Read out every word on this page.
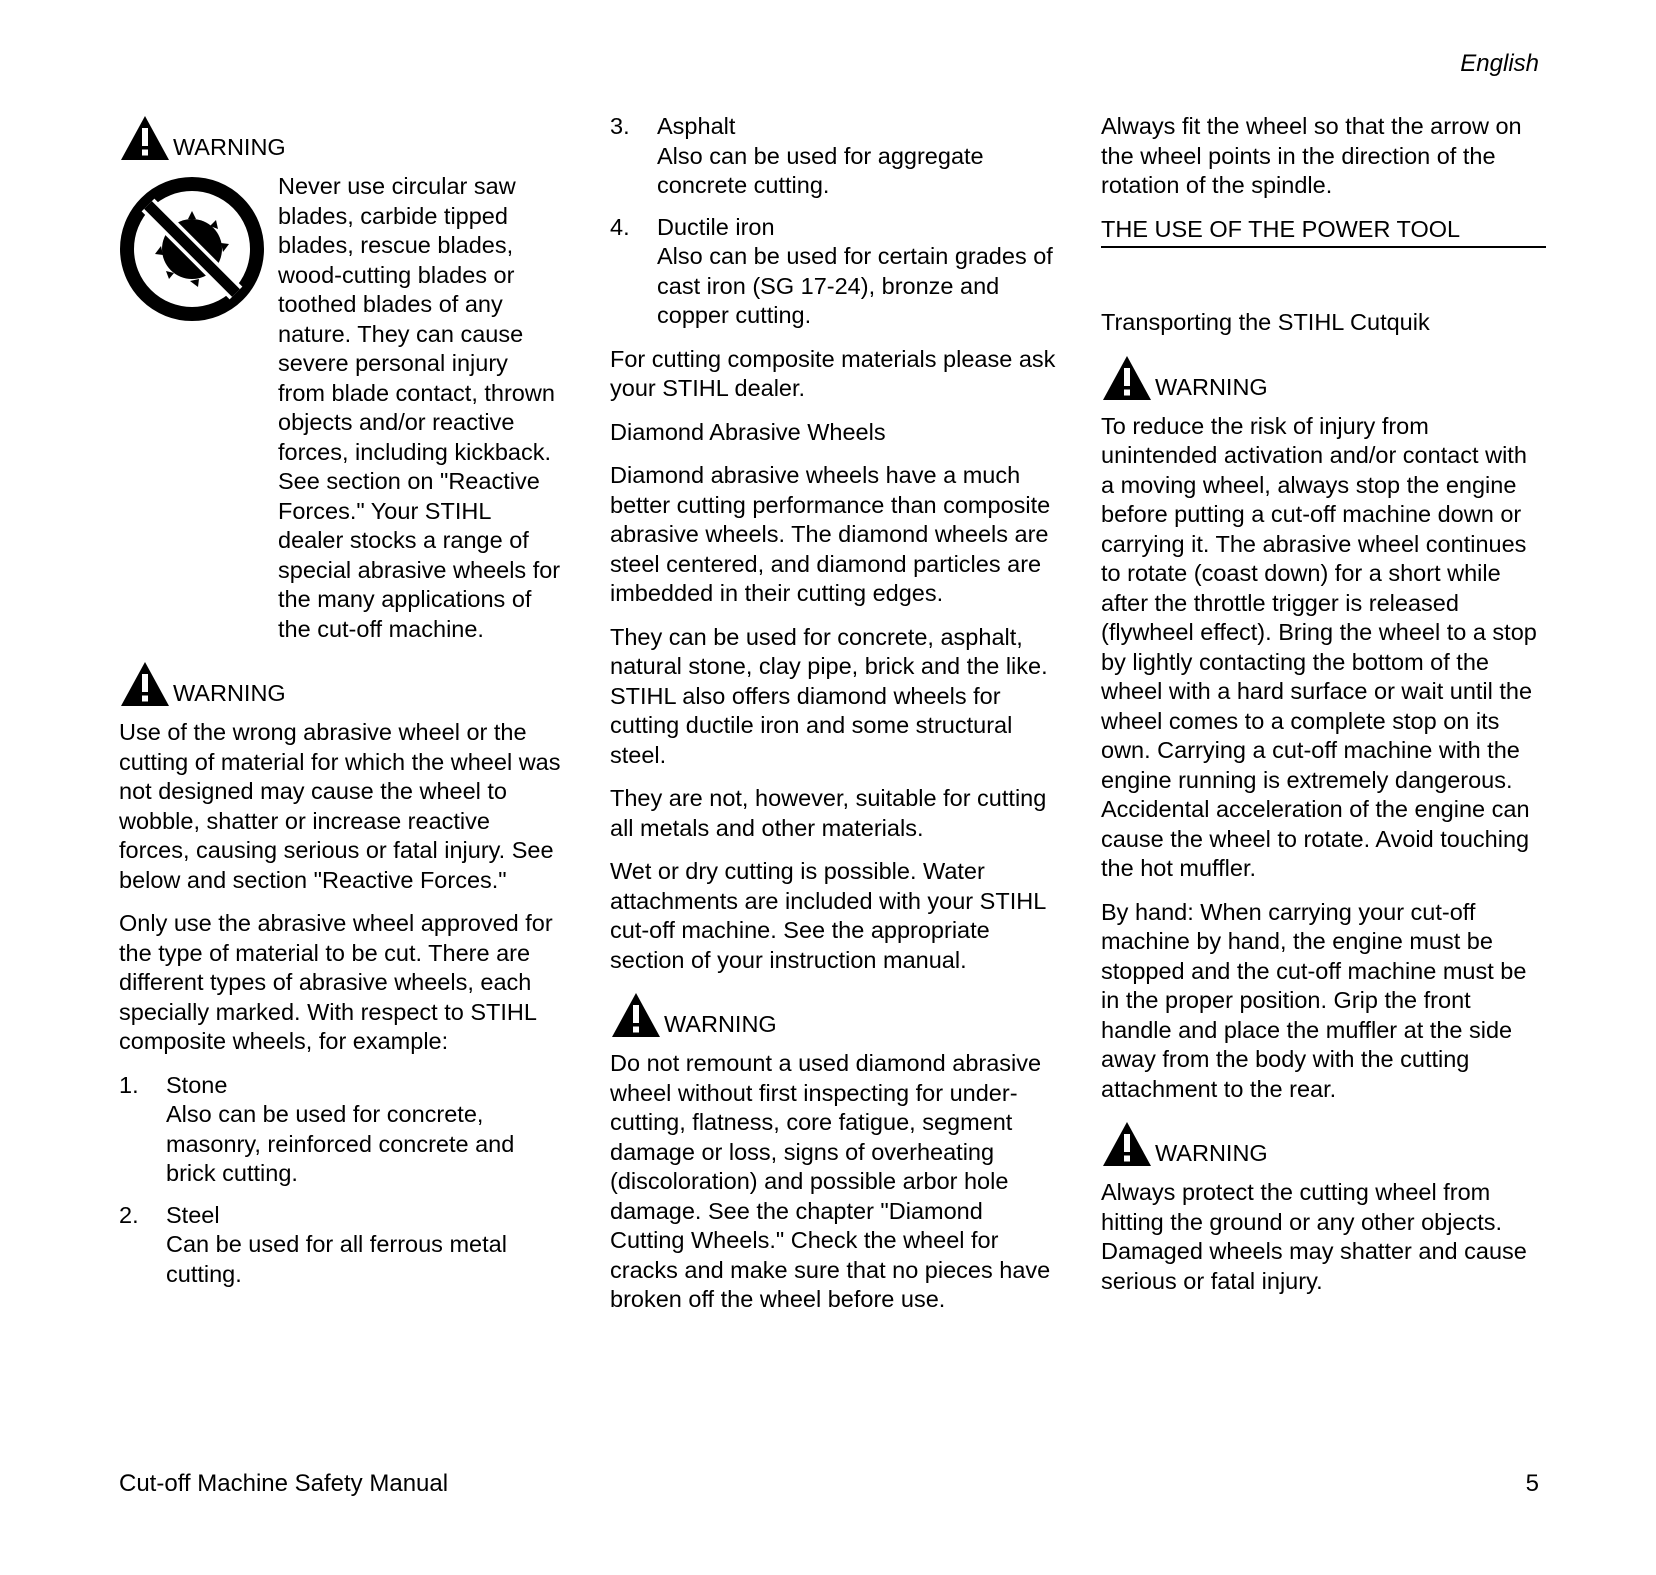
English
WARNING

Never use circular saw blades, carbide tipped blades, rescue blades, wood-cutting blades or toothed blades of any nature. They can cause severe personal injury from blade contact, thrown objects and/or reactive forces, including kickback. See section on "Reactive Forces." Your STIHL dealer stocks a range of special abrasive wheels for the many applications of the cut-off machine.

WARNING

Use of the wrong abrasive wheel or the cutting of material for which the wheel was not designed may cause the wheel to wobble, shatter or increase reactive forces, causing serious or fatal injury. See below and section "Reactive Forces."

Only use the abrasive wheel approved for the type of material to be cut. There are different types of abrasive wheels, each specially marked. With respect to STIHL composite wheels, for example:

1.	Stone
Also can be used for concrete, masonry, reinforced concrete and brick cutting.
2.	Steel
Can be used for all ferrous metal cutting.
3.	Asphalt
Also can be used for aggregate concrete cutting.
4.	Ductile iron
Also can be used for certain grades of cast iron (SG 17-24), bronze and copper cutting.

For cutting composite materials please ask your STIHL dealer.

Diamond Abrasive Wheels

Diamond abrasive wheels have a much better cutting performance than composite abrasive wheels. The diamond wheels are steel centered, and diamond particles are imbedded in their cutting edges.

They can be used for concrete, asphalt, natural stone, clay pipe, brick and the like. STIHL also offers diamond wheels for cutting ductile iron and some structural steel.

They are not, however, suitable for cutting all metals and other materials.

Wet or dry cutting is possible. Water attachments are included with your STIHL cut-off machine. See the appropriate section of your instruction manual.

WARNING

Do not remount a used diamond abrasive wheel without first inspecting for under-cutting, flatness, core fatigue, segment damage or loss, signs of overheating (discoloration) and possible arbor hole damage. See the chapter "Diamond Cutting Wheels." Check the wheel for cracks and make sure that no pieces have broken off the wheel before use.

Always fit the wheel so that the arrow on the wheel points in the direction of the rotation of the spindle.

THE USE OF THE POWER TOOL

Transporting the STIHL Cutquik

WARNING

To reduce the risk of injury from unintended activation and/or contact with a moving wheel, always stop the engine before putting a cut-off machine down or carrying it. The abrasive wheel continues to rotate (coast down) for a short while after the throttle trigger is released (flywheel effect). Bring the wheel to a stop by lightly contacting the bottom of the wheel with a hard surface or wait until the wheel comes to a complete stop on its own. Carrying a cut-off machine with the engine running is extremely dangerous. Accidental acceleration of the engine can cause the wheel to rotate. Avoid touching the hot muffler.

By hand: When carrying your cut-off machine by hand, the engine must be stopped and the cut-off machine must be in the proper position. Grip the front handle and place the muffler at the side away from the body with the cutting attachment to the rear.

WARNING

Always protect the cutting wheel from hitting the ground or any other objects. Damaged wheels may shatter and cause serious or fatal injury.

Cut-off Machine Safety Manual	5
